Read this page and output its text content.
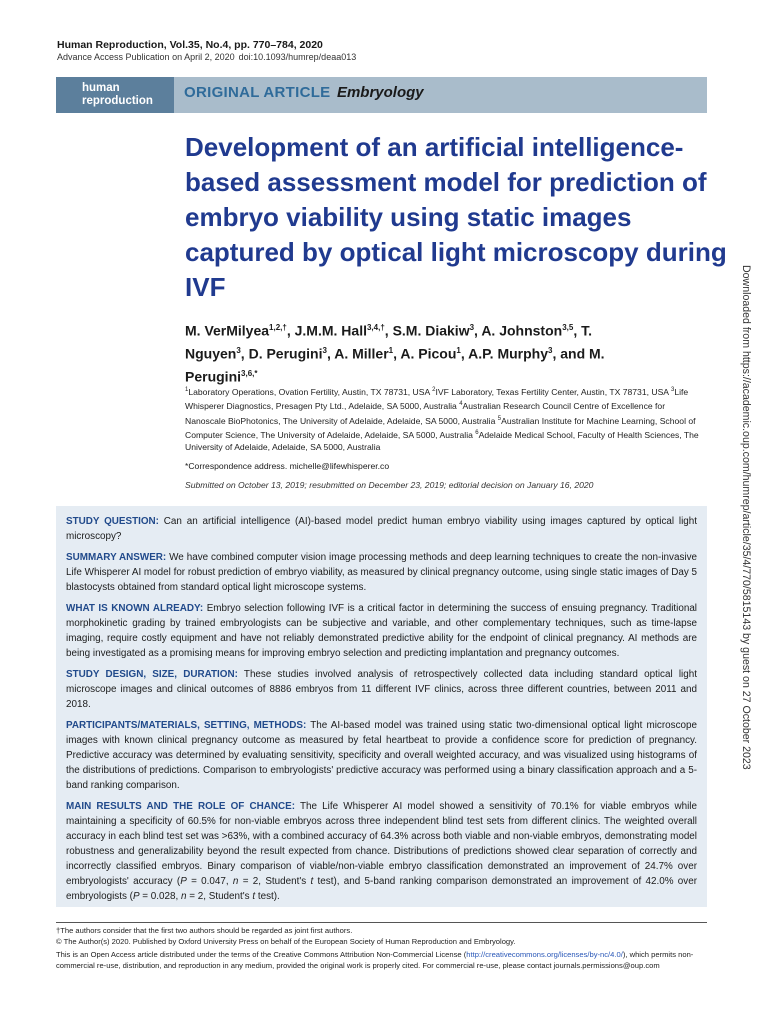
Human Reproduction, Vol.35, No.4, pp. 770–784, 2020
Advance Access Publication on April 2, 2020 doi:10.1093/humrep/deaa013
human
reproduction ORIGINAL ARTICLE Embryology
Development of an artificial intelligence-based assessment model for prediction of embryo viability using static images captured by optical light microscopy during IVF
M. VerMilyea$^{1,2,\dagger}$, J.M.M. Hall$^{3,4,\dagger}$, S.M. Diakiw$^3$, A. Johnston$^{3,5}$, T. Nguyen$^3$, D. Perugini$^3$, A. Miller$^1$, A. Picou$^1$, A.P. Murphy$^3$, and M. Perugini$^{3,6,*}$
$^1$Laboratory Operations, Ovation Fertility, Austin, TX 78731, USA $^2$IVF Laboratory, Texas Fertility Center, Austin, TX 78731, USA $^3$Life Whisperer Diagnostics, Presagen Pty Ltd., Adelaide, SA 5000, Australia $^4$Australian Research Council Centre of Excellence for Nanoscale BioPhotonics, The University of Adelaide, Adelaide, SA 5000, Australia $^5$Australian Institute for Machine Learning, School of Computer Science, The University of Adelaide, Adelaide, SA 5000, Australia $^6$Adelaide Medical School, Faculty of Health Sciences, The University of Adelaide, Adelaide, SA 5000, Australia
*Correspondence address. michelle@lifewhisperer.co
Submitted on October 13, 2019; resubmitted on December 23, 2019; editorial decision on January 16, 2020
STUDY QUESTION: Can an artificial intelligence (AI)-based model predict human embryo viability using images captured by optical light microscopy?
SUMMARY ANSWER: We have combined computer vision image processing methods and deep learning techniques to create the non-invasive Life Whisperer AI model for robust prediction of embryo viability, as measured by clinical pregnancy outcome, using single static images of Day 5 blastocysts obtained from standard optical light microscope systems.
WHAT IS KNOWN ALREADY: Embryo selection following IVF is a critical factor in determining the success of ensuing pregnancy. Traditional morphokinetic grading by trained embryologists can be subjective and variable, and other complementary techniques, such as time-lapse imaging, require costly equipment and have not reliably demonstrated predictive ability for the endpoint of clinical pregnancy. AI methods are being investigated as a promising means for improving embryo selection and predicting implantation and pregnancy outcomes.
STUDY DESIGN, SIZE, DURATION: These studies involved analysis of retrospectively collected data including standard optical light microscope images and clinical outcomes of 8886 embryos from 11 different IVF clinics, across three different countries, between 2011 and 2018.
PARTICIPANTS/MATERIALS, SETTING, METHODS: The AI-based model was trained using static two-dimensional optical light microscope images with known clinical pregnancy outcome as measured by fetal heartbeat to provide a confidence score for prediction of pregnancy. Predictive accuracy was determined by evaluating sensitivity, specificity and overall weighted accuracy, and was visualized using histograms of the distributions of predictions. Comparison to embryologists' predictive accuracy was performed using a binary classification approach and a 5-band ranking comparison.
MAIN RESULTS AND THE ROLE OF CHANCE: The Life Whisperer AI model showed a sensitivity of 70.1% for viable embryos while maintaining a specificity of 60.5% for non-viable embryos across three independent blind test sets from different clinics. The weighted overall accuracy in each blind test set was >63%, with a combined accuracy of 64.3% across both viable and non-viable embryos, demonstrating model robustness and generalizability beyond the result expected from chance. Distributions of predictions showed clear separation of correctly and incorrectly classified embryos. Binary comparison of viable/non-viable embryo classification demonstrated an improvement of 24.7% over embryologists' accuracy (P = 0.047, n = 2, Student's t test), and 5-band ranking comparison demonstrated an improvement of 42.0% over embryologists (P = 0.028, n = 2, Student's t test).
†The authors consider that the first two authors should be regarded as joint first authors.
© The Author(s) 2020. Published by Oxford University Press on behalf of the European Society of Human Reproduction and Embryology.
This is an Open Access article distributed under the terms of the Creative Commons Attribution Non-Commercial License (http://creativecommons.org/licenses/by-nc/4.0/), which permits non-commercial re-use, distribution, and reproduction in any medium, provided the original work is properly cited. For commercial re-use, please contact journals.permissions@oup.com
Downloaded from https://academic.oup.com/humrep/article/35/4/770/5815143 by guest on 27 October 2023
